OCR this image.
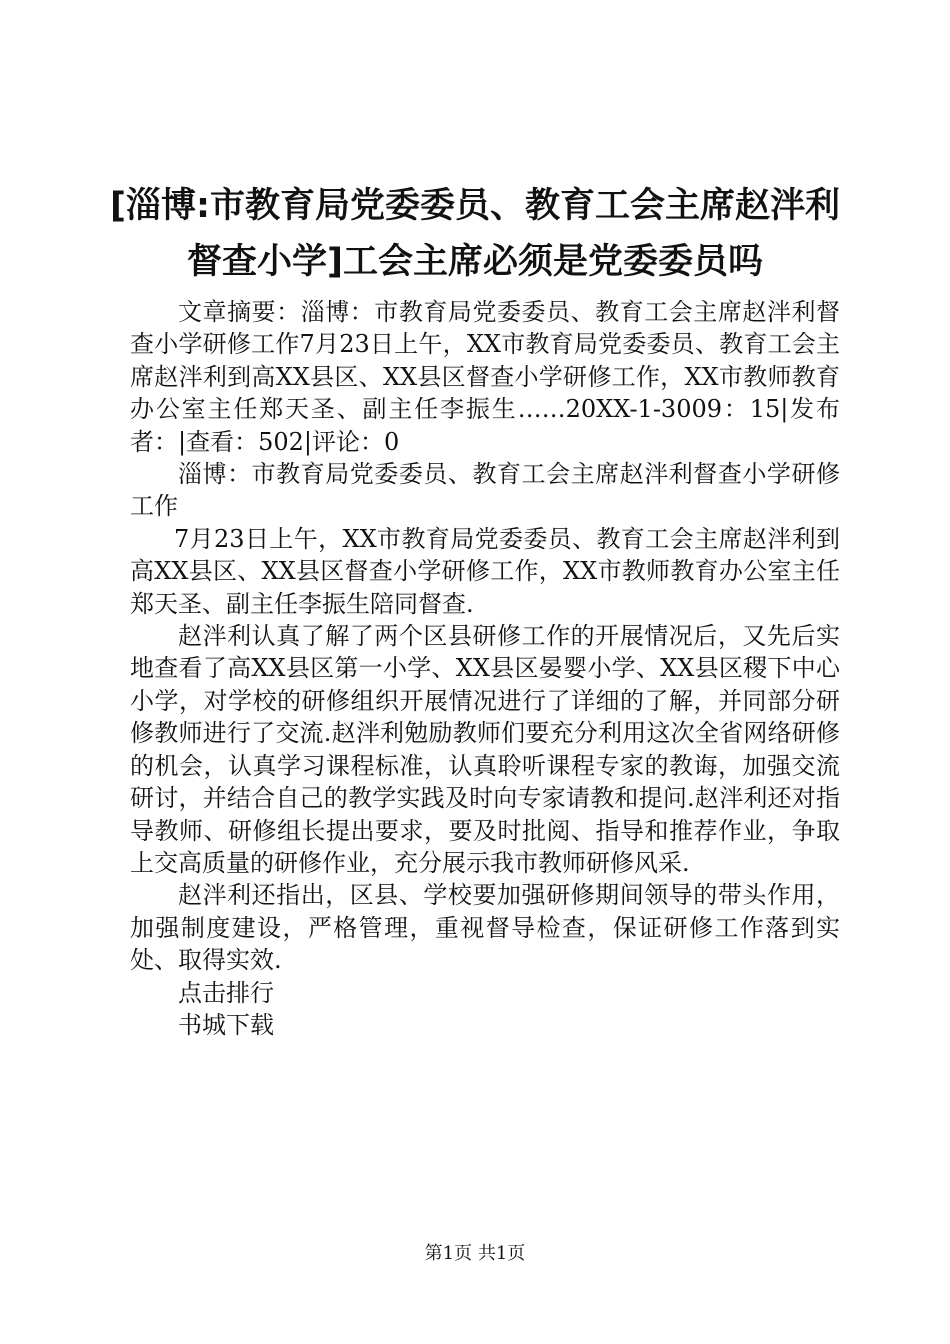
[淄博:市教育局党委委员、教育工会主席赵泮利督查小学]工会主席必须是党委委员吗

文章摘要：淄博：市教育局党委委员、教育工会主席赵泮利督查小学研修工作7月23日上午，XX市教育局党委委员、教育工会主席赵泮利到高XX县区、XX县区督查小学研修工作，XX市教师教育办公室主任郑天圣、副主任李振生……20XX-1-3009：15|发布者：|查看：502|评论：0

淄博：市教育局党委委员、教育工会主席赵泮利督查小学研修工作

7月23日上午，XX市教育局党委委员、教育工会主席赵泮利到高XX县区、XX县区督查小学研修工作，XX市教师教育办公室主任郑天圣、副主任李振生陪同督查.

赵泮利认真了解了两个区县研修工作的开展情况后，又先后实地查看了高XX县区第一小学、XX县区晏婴小学、XX县区稷下中心小学，对学校的研修组织开展情况进行了详细的了解，并同部分研修教师进行了交流.赵泮利勉励教师们要充分利用这次全省网络研修的机会，认真学习课程标准，认真聆听课程专家的教诲，加强交流研讨，并结合自己的教学实践及时向专家请教和提问.赵泮利还对指导教师、研修组长提出要求，要及时批阅、指导和推荐作业，争取上交高质量的研修作业，充分展示我市教师研修风采.

赵泮利还指出，区县、学校要加强研修期间领导的带头作用，加强制度建设，严格管理，重视督导检查，保证研修工作落到实处、取得实效.

点击排行

书城下载

第1页 共1页
